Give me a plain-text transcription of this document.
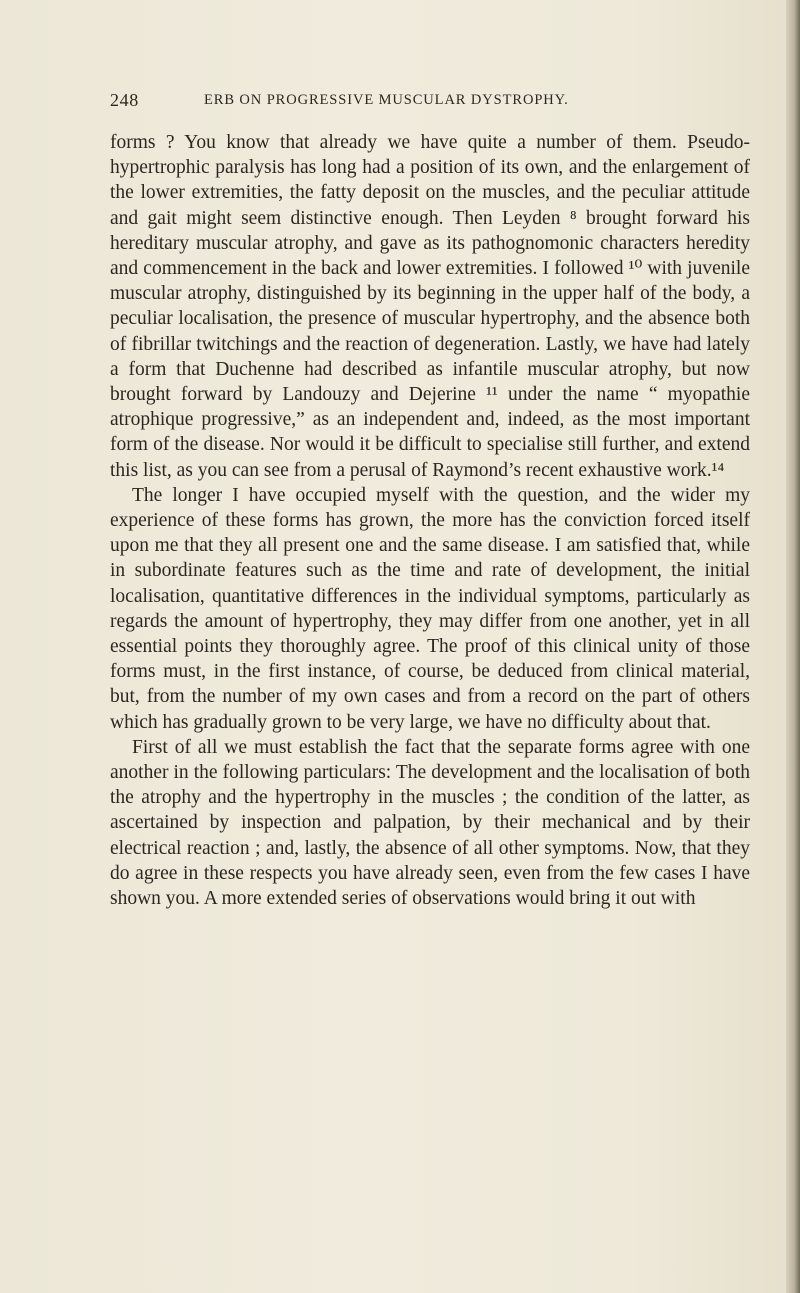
248	ERB ON PROGRESSIVE MUSCULAR DYSTROPHY.

forms ? You know that already we have quite a number of them. Pseudo-hypertrophic paralysis has long had a position of its own, and the enlargement of the lower extremities, the fatty deposit on the muscles, and the peculiar attitude and gait might seem distinctive enough. Then Leyden ⁸ brought forward his hereditary muscular atrophy, and gave as its pathognomonic characters heredity and commencement in the back and lower extremities. I followed ¹⁰ with juvenile muscular atrophy, distinguished by its beginning in the upper half of the body, a peculiar localisation, the presence of muscular hypertrophy, and the absence both of fibrillar twitchings and the reaction of degeneration. Lastly, we have had lately a form that Duchenne had described as infantile muscular atrophy, but now brought forward by Landouzy and Dejerine ¹¹ under the name “ myopathie atrophique progressive,” as an independent and, indeed, as the most important form of the disease. Nor would it be difficult to specialise still further, and extend this list, as you can see from a perusal of Raymond’s recent exhaustive work.¹⁴

The longer I have occupied myself with the question, and the wider my experience of these forms has grown, the more has the conviction forced itself upon me that they all present one and the same disease. I am satisfied that, while in subordinate features such as the time and rate of development, the initial localisation, quantitative differences in the individual symptoms, particularly as regards the amount of hypertrophy, they may differ from one another, yet in all essential points they thoroughly agree. The proof of this clinical unity of those forms must, in the first instance, of course, be deduced from clinical material, but, from the number of my own cases and from a record on the part of others which has gradually grown to be very large, we have no difficulty about that.

First of all we must establish the fact that the separate forms agree with one another in the following particulars: The development and the localisation of both the atrophy and the hypertrophy in the muscles ; the condition of the latter, as ascertained by inspection and palpation, by their mechanical and by their electrical reaction ; and, lastly, the absence of all other symptoms. Now, that they do agree in these respects you have already seen, even from the few cases I have shown you. A more extended series of observations would bring it out with
